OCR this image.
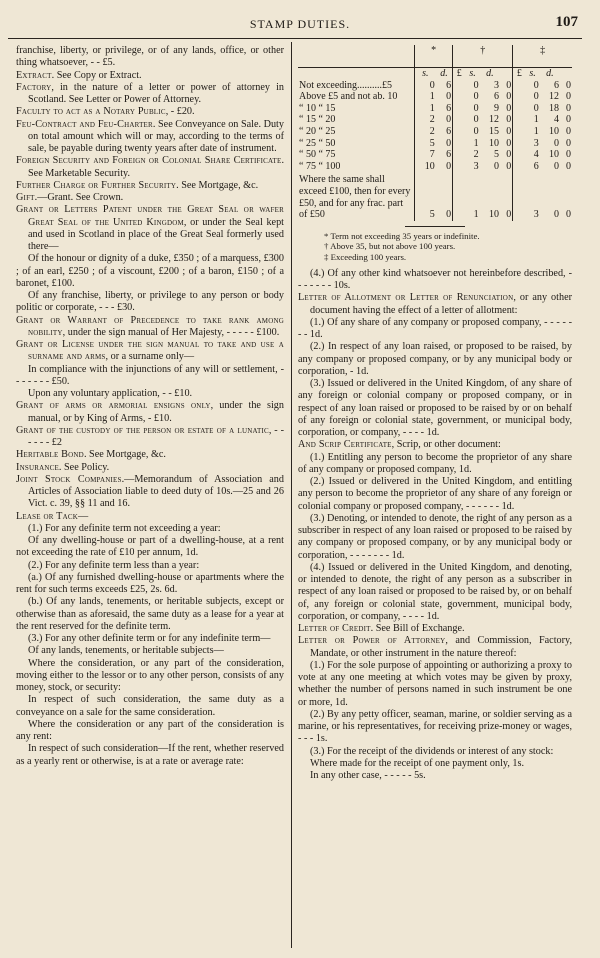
STAMP DUTIES.	107

franchise, liberty, or privilege, or of any lands, office, or other thing whatsoever, - - £5.

Extract. See Copy or Extract.

Factory, in the nature of a letter or power of attorney in Scotland. See Letter or Power of Attorney.

Faculty to act as a Notary Public, - £20.

Feu-Contract and Feu-Charter. See Conveyance on Sale. Duty on total amount which will or may, according to the terms of sale, be payable during twenty years after date of instrument.

Foreign Security and Foreign or Colonial Share Certificate. See Marketable Security.

Further Charge or Further Security. See Mortgage, &c.

Gift.—Grant. See Crown.

Grant or Letters Patent under the Great Seal or wafer Great Seal of the United Kingdom, or under the Seal kept and used in Scotland in place of the Great Seal formerly used there—

Of the honour or dignity of a duke, £350 ; of a marquess, £300 ; of an earl, £250 ; of a viscount, £200 ; of a baron, £150 ; of a baronet, £100.

Of any franchise, liberty, or privilege to any person or body politic or corporate, - - - £30.

Grant or Warrant of Precedence to take rank among nobility, under the sign manual of Her Majesty, - - - - - £100.

Grant or License under the sign manual to take and use a surname and arms, or a surname only—

In compliance with the injunctions of any will or settlement, - - - - - - - £50.

Upon any voluntary application, - - £10.

Grant of arms or armorial ensigns only, under the sign manual, or by King of Arms, - £10.

Grant of the custody of the person or estate of a lunatic, - - - - - - £2

Heritable Bond. See Mortgage, &c.

Insurance. See Policy.

Joint Stock Companies.—Memorandum of Association and Articles of Association liable to deed duty of 10s.—25 and 26 Vict. c. 39, §§ 11 and 16.

Lease or Tack—

(1.) For any definite term not exceeding a year:

Of any dwelling-house or part of a dwelling-house, at a rent not exceeding the rate of £10 per annum, 1d.

(2.) For any definite term less than a year:

(a.) Of any furnished dwelling-house or apartments where the rent for such terms exceeds £25, 2s. 6d.

(b.) Of any lands, tenements, or heritable subjects, except or otherwise than as aforesaid, the same duty as a lease for a year at the rent reserved for the definite term.

(3.) For any other definite term or for any indefinite term—

Of any lands, tenements, or heritable subjects—

Where the consideration, or any part of the consideration, moving either to the lessor or to any other person, consists of any money, stock, or security:

In respect of such consideration, the same duty as a conveyance on a sale for the same consideration.

Where the consideration or any part of the consideration is any rent:

In respect of such consideration—If the rent, whether reserved as a yearly rent or otherwise, is at a rate or average rate:

	*		†				‡			
	s.	d.	£	s.	d.		£	s.	d.	
Not exceeding..........£5	0	6		0	3	0		0	6	0
Above £5 and not ab. 10	1	0		0	6	0		0	12	0
“ 10 “ 15	1	6		0	9	0		0	18	0
“ 15 “ 20	2	0		0	12	0		1	4	0
“ 20 “ 25	2	6		0	15	0		1	10	0
“ 25 “ 50	5	0		1	10	0		3	0	0
“ 50 “ 75	7	6		2	5	0		4	10	0
“ 75 “ 100	10	0		3	0	0		6	0	0
Where the same shall exceed £100, then for every £50, and for any frac. part of £50	5	0		1	10	0		3	0	0
* Term not exceeding 35 years or indefinite.
† Above 35, but not above 100 years.
‡ Exceeding 100 years.

(4.) Of any other kind whatsoever not hereinbefore described, - - - - - - - 10s.

Letter of Allotment or Letter of Renunciation, or any other document having the effect of a letter of allotment:

(1.) Of any share of any company or proposed company, - - - - - - - 1d.

(2.) In respect of any loan raised, or proposed to be raised, by any company or proposed company, or by any municipal body or corporation, - 1d.

(3.) Issued or delivered in the United Kingdom, of any share of any foreign or colonial company or proposed company, or in respect of any loan raised or proposed to be raised by or on behalf of any foreign or colonial state, government, or municipal body, corporation, or company, - - - - 1d.

And Scrip Certificate, Scrip, or other document:

(1.) Entitling any person to become the proprietor of any share of any company or proposed company, 1d.

(2.) Issued or delivered in the United Kingdom, and entitling any person to become the proprietor of any share of any foreign or colonial company or proposed company, - - - - - - 1d.

(3.) Denoting, or intended to denote, the right of any person as a subscriber in respect of any loan raised or proposed to be raised by any company or proposed company, or by any municipal body or corporation, - - - - - - - 1d.

(4.) Issued or delivered in the United Kingdom, and denoting, or intended to denote, the right of any person as a subscriber in respect of any loan raised or proposed to be raised by, or on behalf of, any foreign or colonial state, government, municipal body, corporation, or company, - - - - 1d.

Letter of Credit. See Bill of Exchange.

Letter or Power of Attorney, and Commission, Factory, Mandate, or other instrument in the nature thereof:

(1.) For the sole purpose of appointing or authorizing a proxy to vote at any one meeting at which votes may be given by proxy, whether the number of persons named in such instrument be one or more, 1d.

(2.) By any petty officer, seaman, marine, or soldier serving as a marine, or his representatives, for receiving prize-money or wages, - - - 1s.

(3.) For the receipt of the dividends or interest of any stock:

Where made for the receipt of one payment only, 1s.

In any other case, - - - - - 5s.
